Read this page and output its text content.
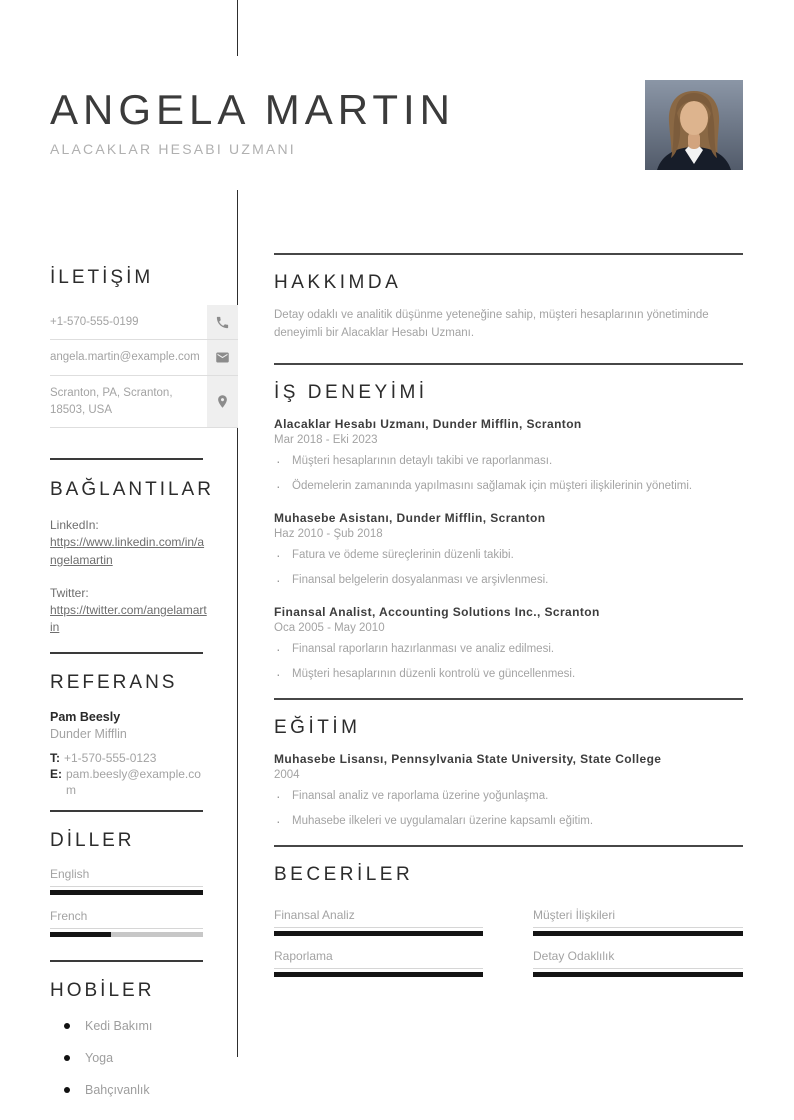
ANGELA MARTIN
ALACAKLAR HESABI UZMANI
İLETİŞİM
+1-570-555-0199
angela.martin@example.com
Scranton, PA, Scranton, 18503, USA
BAĞLANTILAR
LinkedIn:
https://www.linkedin.com/in/angelamartin
Twitter:
https://twitter.com/angelamartin
REFERANS
Pam Beesly
Dunder Mifflin
T: +1-570-555-0123
E: pam.beesly@example.com
DİLLER
English
French
HOBİLER
Kedi Bakımı
Yoga
Bahçıvanlık
HAKKIMDA
Detay odaklı ve analitik düşünme yeteneğine sahip, müşteri hesaplarının yönetiminde deneyimli bir Alacaklar Hesabı Uzmanı.
İŞ DENEYİMİ
Alacaklar Hesabı Uzmanı, Dunder Mifflin, Scranton
Mar 2018 - Eki 2023
· Müşteri hesaplarının detaylı takibi ve raporlanması.
· Ödemelerin zamanında yapılmasını sağlamak için müşteri ilişkilerinin yönetimi.
Muhasebe Asistanı, Dunder Mifflin, Scranton
Haz 2010 - Şub 2018
· Fatura ve ödeme süreçlerinin düzenli takibi.
· Finansal belgelerin dosyalanması ve arşivlenmesi.
Finansal Analist, Accounting Solutions Inc., Scranton
Oca 2005 - May 2010
· Finansal raporların hazırlanması ve analiz edilmesi.
· Müşteri hesaplarının düzenli kontrolü ve güncellenmesi.
EĞİTİM
Muhasebe Lisansı, Pennsylvania State University, State College
2004
· Finansal analiz ve raporlama üzerine yoğunlaşma.
· Muhasebe ilkeleri ve uygulamaları üzerine kapsamlı eğitim.
BECERİLER
Finansal Analiz	Müşteri İlişkileri
Raporlama	Detay Odaklılık
